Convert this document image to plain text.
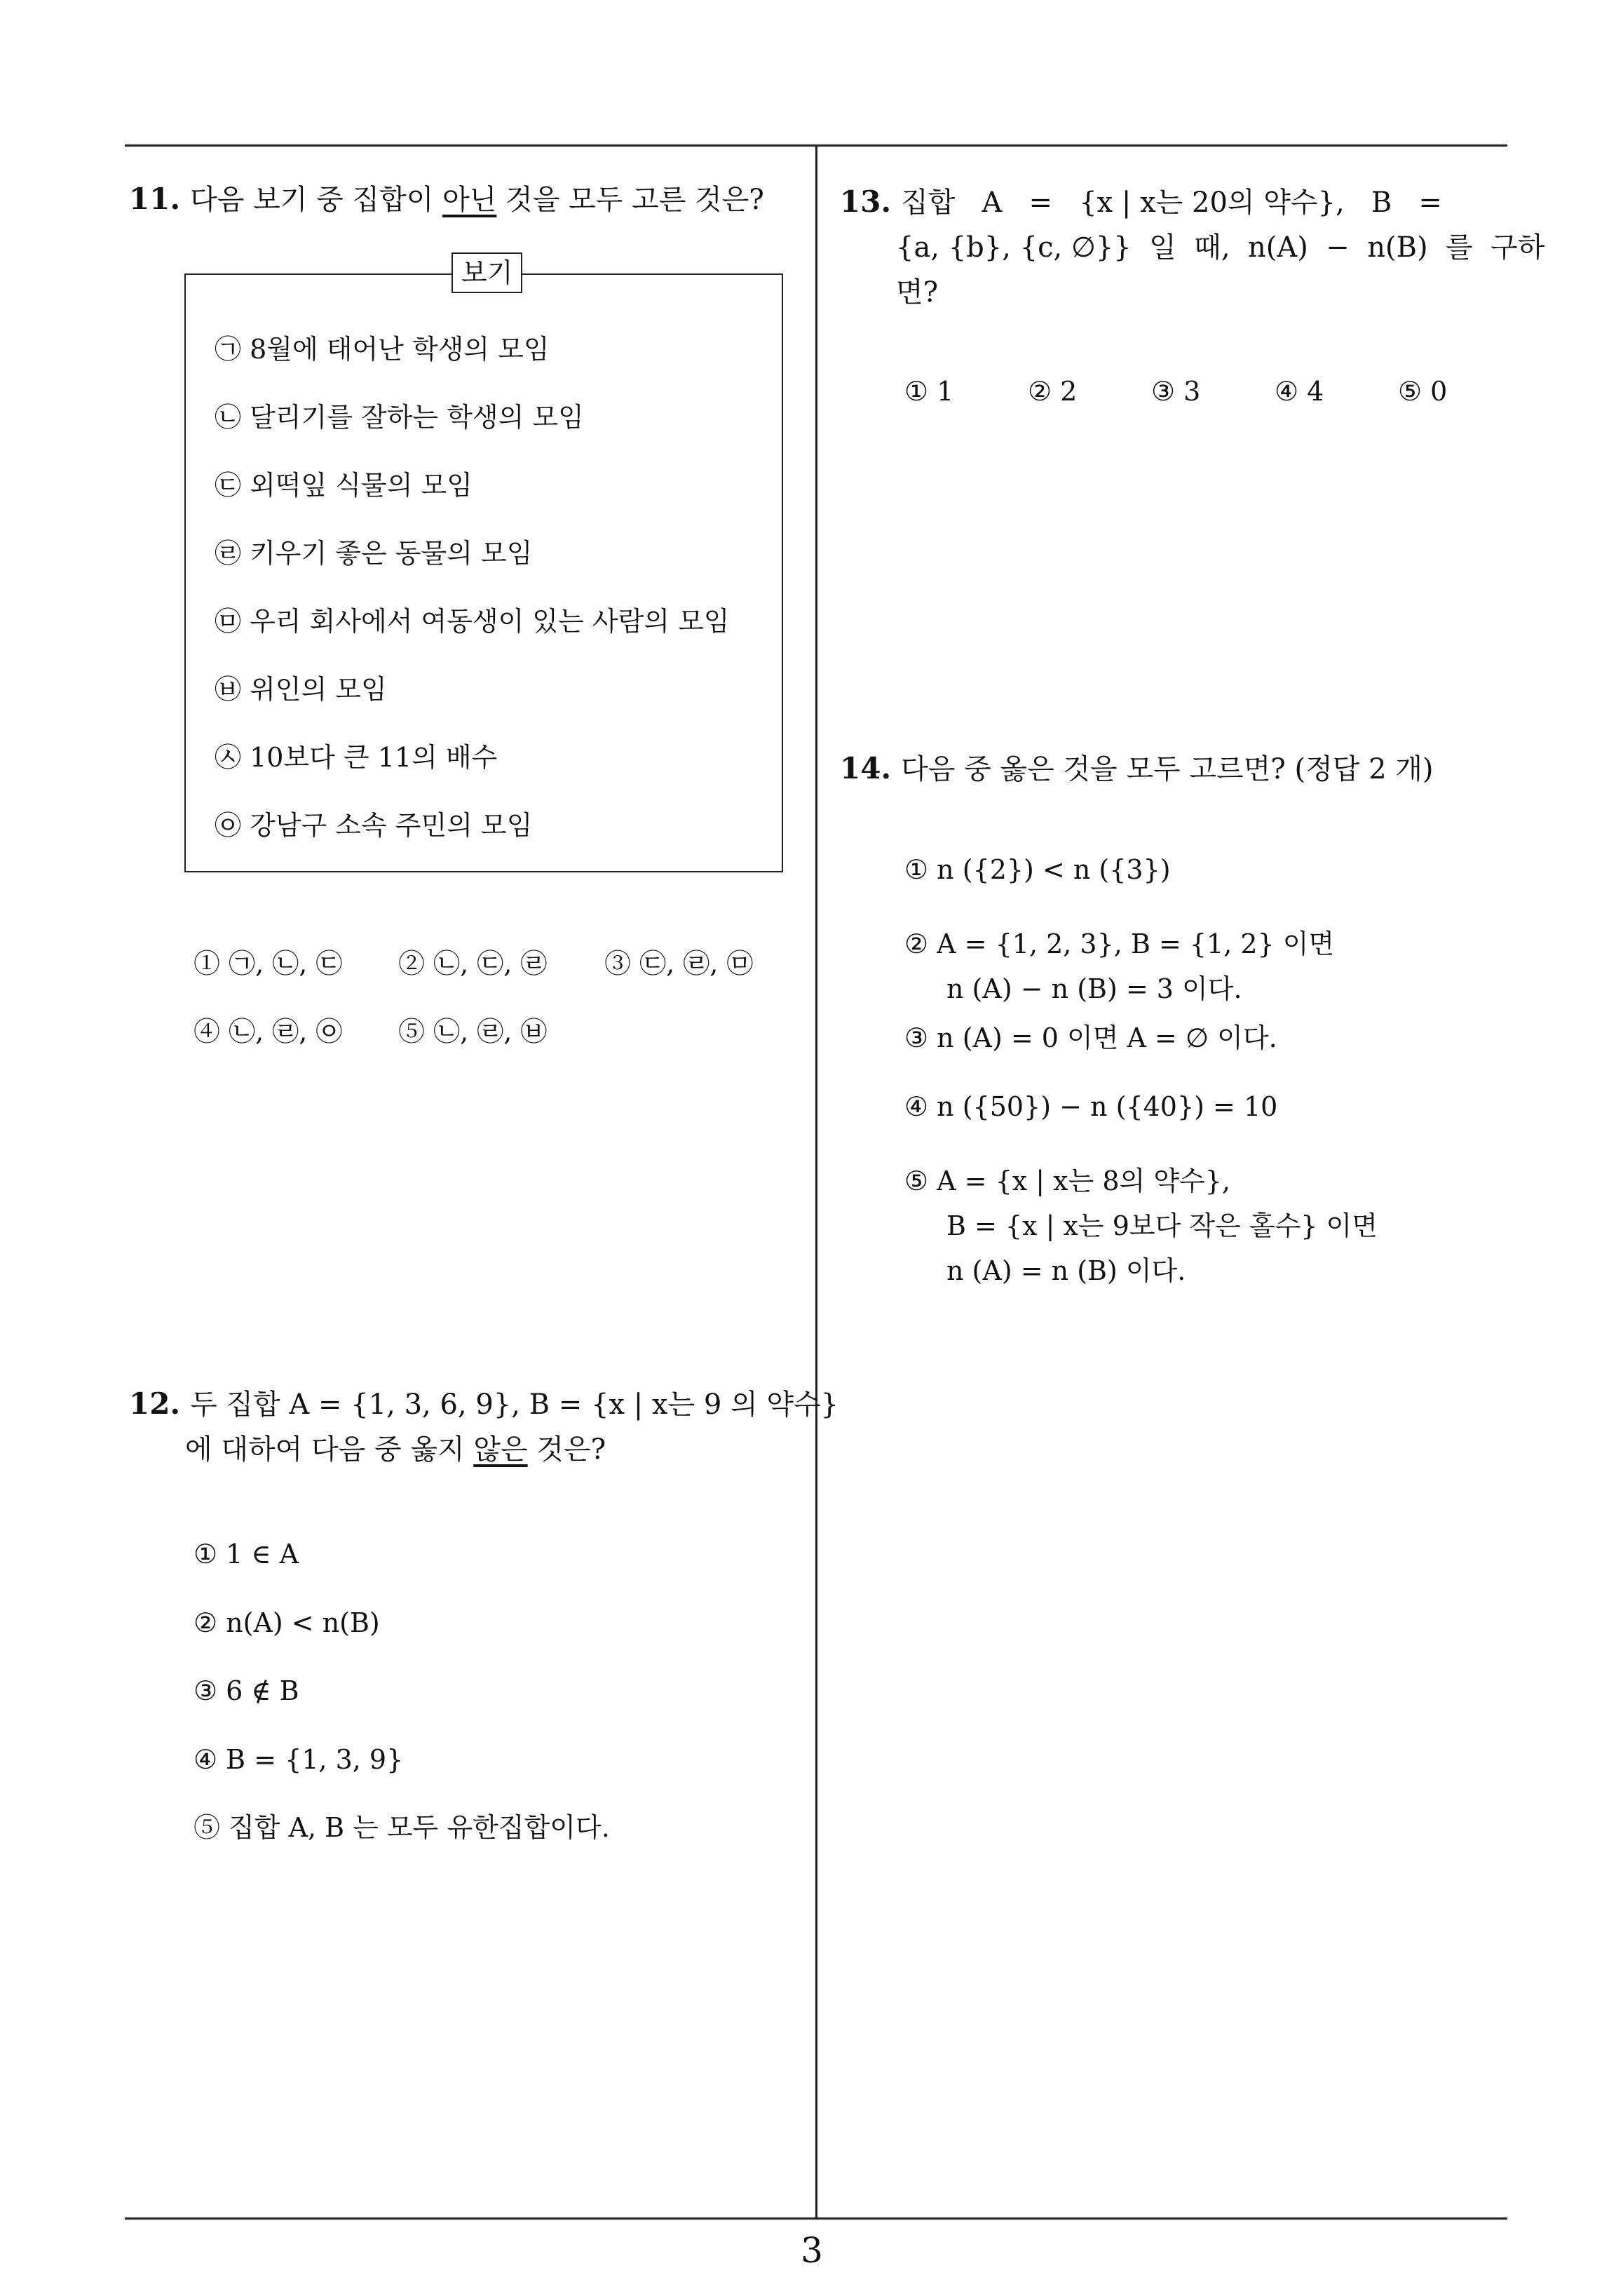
11. 다음 보기 중 집합이 아닌 것을 모두 고른 것은?
보기
㉠ 8월에 태어난 학생의 모임
㉡ 달리기를 잘하는 학생의 모임
㉢ 외떡잎 식물의 모임
㉣ 키우기 좋은 동물의 모임
㉤ 우리 회사에서 여동생이 있는 사람의 모임
㉥ 위인의 모임
㉦ 10보다 큰 11의 배수
㉧ 강남구 소속 주민의 모임
① ㉠, ㉡, ㉢ ② ㉡, ㉢, ㉣ ③ ㉢, ㉣, ㉤
④ ㉡, ㉣, ㉧ ⑤ ㉡, ㉣, ㉥
12. 두 집합 A = {1, 3, 6, 9}, B = {x | x는 9 의 약수}
에 대하여 다음 중 옳지 않은 것은?
① 1 ∈ A
② n(A) < n(B)
③ 6 ∉ B
④ B = {1, 3, 9}
⑤ 집합 A, B 는 모두 유한집합이다.
13. 집합   A   =   {x | x는 20의 약수},   B   =
{a, {b}, {c, ∅}}  일  때,  n(A)  −  n(B)  를  구하
면?
① 1	② 2	③ 3	④ 4	⑤ 0
14. 다음 중 옳은 것을 모두 고르면? (정답 2 개)
① n ({2}) < n ({3})
② A = {1, 2, 3}, B = {1, 2} 이면
n (A) − n (B) = 3 이다.
③ n (A) = 0 이면 A = ∅ 이다.
④ n ({50}) − n ({40}) = 10
⑤ A = {x | x는 8의 약수},
B = {x | x는 9보다 작은 홀수} 이면
n (A) = n (B) 이다.
3
